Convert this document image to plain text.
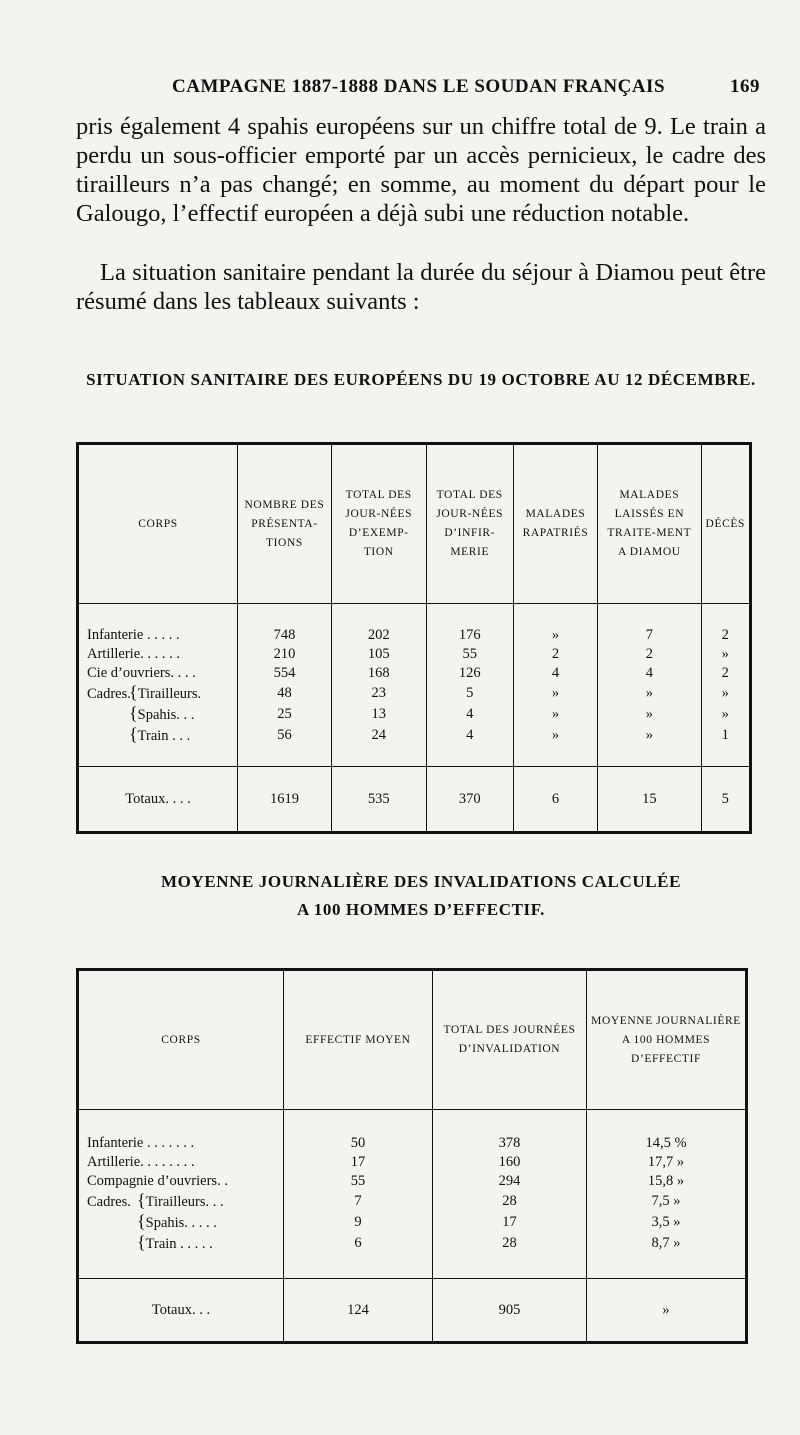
CAMPAGNE 1887-1888 DANS LE SOUDAN FRANÇAIS	169

pris également 4 spahis européens sur un chiffre total de 9. Le train a perdu un sous-officier emporté par un accès pernicieux, le cadre des tirailleurs n’a pas changé; en somme, au moment du départ pour le Galougo, l’effectif européen a déjà subi une réduction notable.

La situation sanitaire pendant la durée du séjour à Diamou peut être résumé dans les tableaux suivants :

SITUATION SANITAIRE DES EUROPÉENS DU 19 OCTOBRE AU 12 DÉCEMBRE.
CORPS	NOMBRE DES PRÉSENTA-TIONS	TOTAL DES JOUR-NÉES D’EXEMP-TION	TOTAL DES JOUR-NÉES D’INFIR-MERIE	MALADES RAPATRIÉS	MALADES LAISSÉS EN TRAITE-MENT A DIAMOU	DÉCÈS
Infanterie . . . . .	748	202	176	»	7	2
Artillerie. . . . . .	210	105	55	2	2	»
Cie d’ouvriers. . . .	554	168	126	4	4	2
Cadres.{Tirailleurs.	48	23	5	»	»	»
{Spahis. . .	25	13	4	»	»	»
{Train . . .	56	24	4	»	»	1
Totaux. . . .	1619	535	370	6	15	5
MOYENNE JOURNALIÈRE DES INVALIDATIONS CALCULÉE
A 100 HOMMES D’EFFECTIF.
CORPS	EFFECTIF MOYEN	TOTAL DES JOURNÉES D’INVALIDATION	MOYENNE JOURNALIÈRE A 100 HOMMES D’EFFECTIF
Infanterie . . . . . . .	50	378	14,5 %
Artillerie. . . . . . . .	17	160	17,7 »
Compagnie d’ouvriers. .	55	294	15,8 »
Cadres. {Tirailleurs. . .	7	28	7,5 »
{Spahis. . . . .	9	17	3,5 »
{Train . . . . .	6	28	8,7 »
Totaux. . .	124	905	»
